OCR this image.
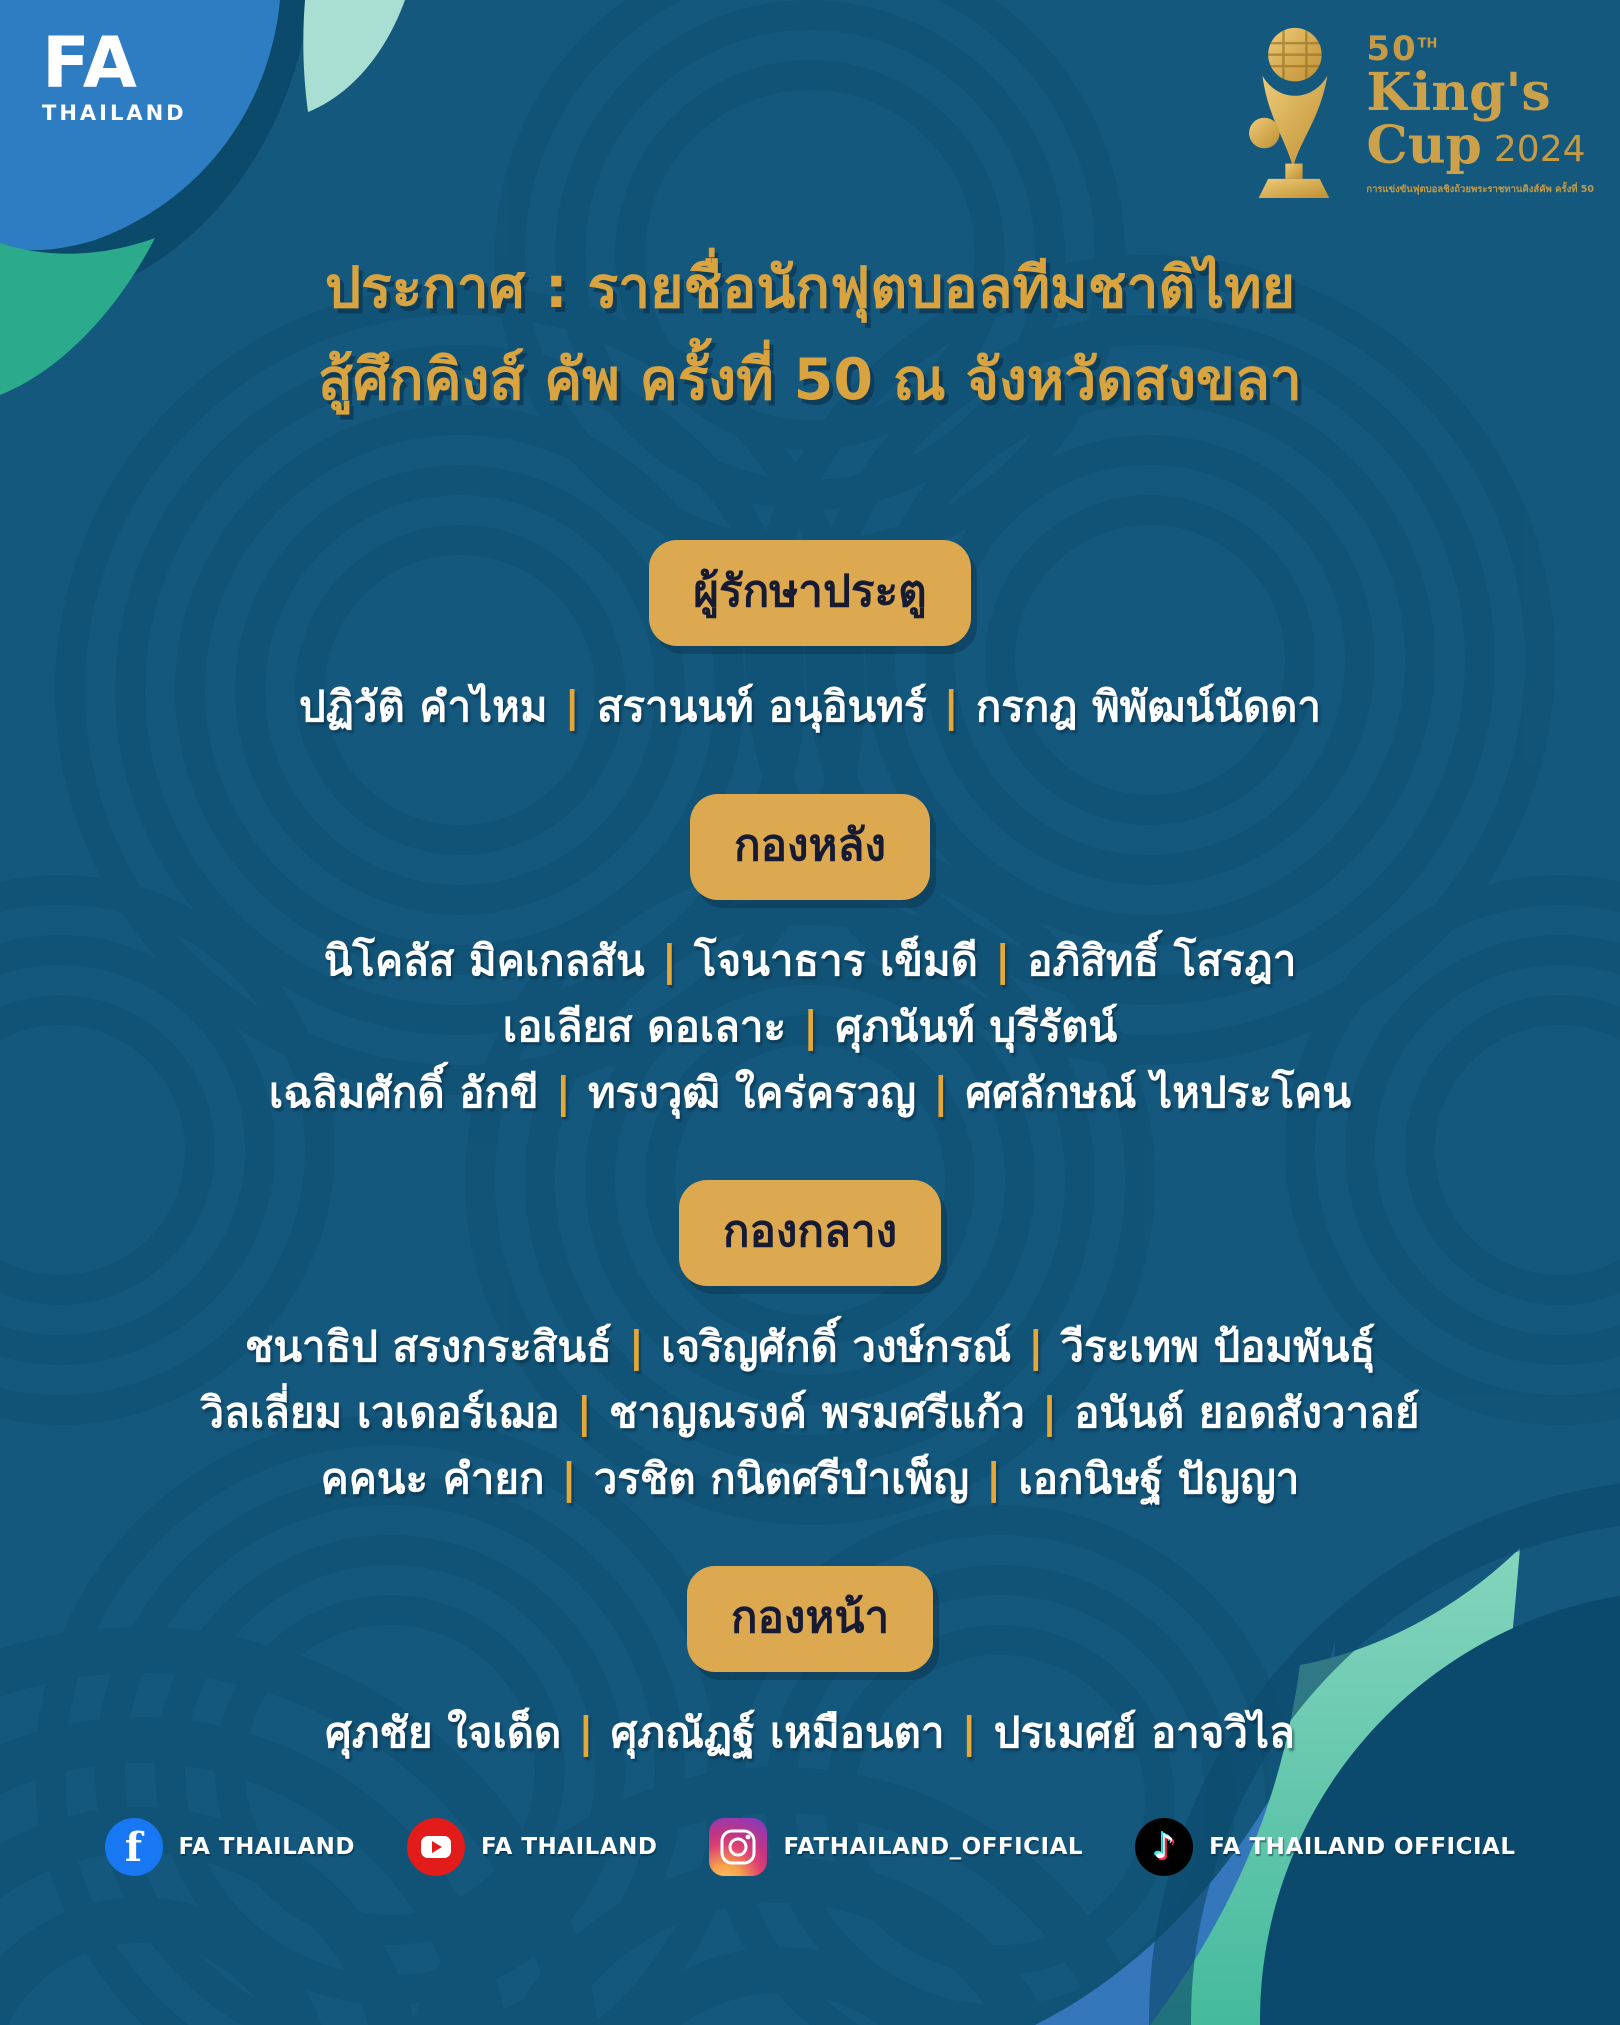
FA
THAILAND
50TH
King's
Cup 2024
การแข่งขันฟุตบอลชิงถ้วยพระราชทานคิงส์คัพ ครั้งที่ 50
ประกาศ : รายชื่อนักฟุตบอลทีมชาติไทย
สู้ศึกคิงส์ คัพ ครั้งที่ 50 ณ จังหวัดสงขลา
ผู้รักษาประตู
ปฏิวัติ คำไหม | สรานนท์ อนุอินทร์ | กรกฎ พิพัฒน์นัดดา
กองหลัง
นิโคลัส มิคเกลสัน | โจนาธาร เข็มดี | อภิสิทธิ์ โสรฎา
เอเลียส ดอเลาะ | ศุภนันท์ บุรีรัตน์
เฉลิมศักดิ์ อักขี | ทรงวุฒิ ใคร่ครวญ | ศศลักษณ์ ไหประโคน
กองกลาง
ชนาธิป สรงกระสินธ์ | เจริญศักดิ์ วงษ์กรณ์ | วีระเทพ ป้อมพันธุ์
วิลเลี่ยม เวเดอร์เฌอ | ชาญณรงค์ พรมศรีแก้ว | อนันต์ ยอดสังวาลย์
คคนะ คำยก | วรชิต กนิตศรีบำเพ็ญ | เอกนิษฐ์ ปัญญา
กองหน้า
ศุภชัย ใจเด็ด | ศุภณัฏฐ์ เหมือนตา | ปรเมศย์ อาจวิไล
f	FA THAILAND	FA THAILAND	FATHAILAND_OFFICIAL	♪	FA THAILAND OFFICIAL
